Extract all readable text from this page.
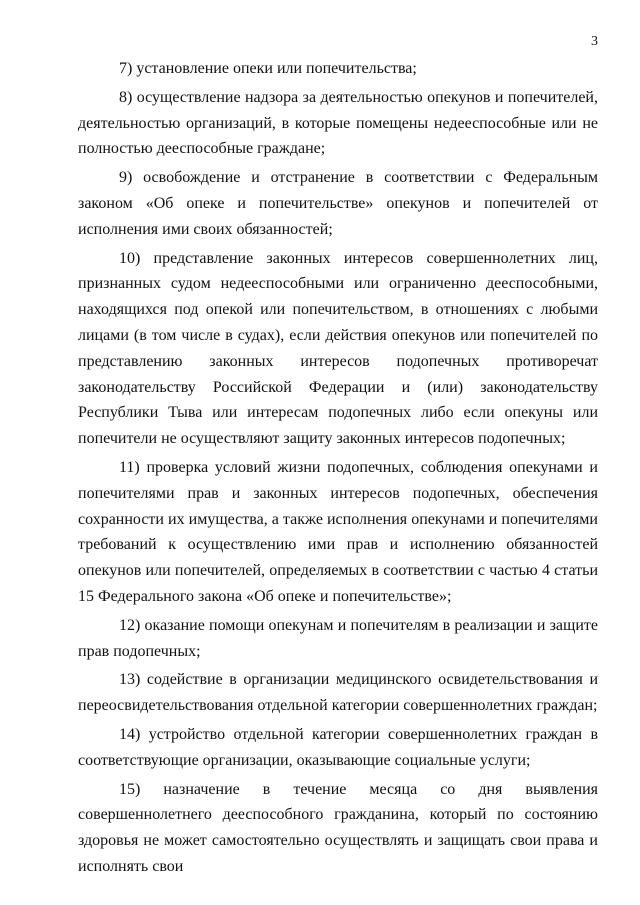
3

7) установление опеки или попечительства;

8) осуществление надзора за деятельностью опекунов и попечителей, деятельностью организаций, в которые помещены недееспособные или не полностью дееспособные граждане;

9) освобождение и отстранение в соответствии с Федеральным законом «Об опеке и попечительстве» опекунов и попечителей от исполнения ими своих обязанностей;

10) представление законных интересов совершеннолетних лиц, признанных судом недееспособными или ограниченно дееспособными, находящихся под опекой или попечительством, в отношениях с любыми лицами (в том числе в судах), если действия опекунов или попечителей по представлению законных интересов подопечных противоречат законодательству Российской Федерации и (или) законодательству Республики Тыва или интересам подопечных либо если опекуны или попечители не осуществляют защиту законных интересов подопечных;

11) проверка условий жизни подопечных, соблюдения опекунами и попечителями прав и законных интересов подопечных, обеспечения сохранности их имущества, а также исполнения опекунами и попечителями требований к осуществлению ими прав и исполнению обязанностей опекунов или попечителей, определяемых в соответствии с частью 4 статьи 15 Федерального закона «Об опеке и попечительстве»;

12) оказание помощи опекунам и попечителям в реализации и защите прав подопечных;

13) содействие в организации медицинского освидетельствования и переосвидетельствования отдельной категории совершеннолетних граждан;

14) устройство отдельной категории совершеннолетних граждан в соответствующие организации, оказывающие социальные услуги;

15) назначение в течение месяца со дня выявления совершеннолетнего дееспособного гражданина, который по состоянию здоровья не может самостоятельно осуществлять и защищать свои права и исполнять свои
